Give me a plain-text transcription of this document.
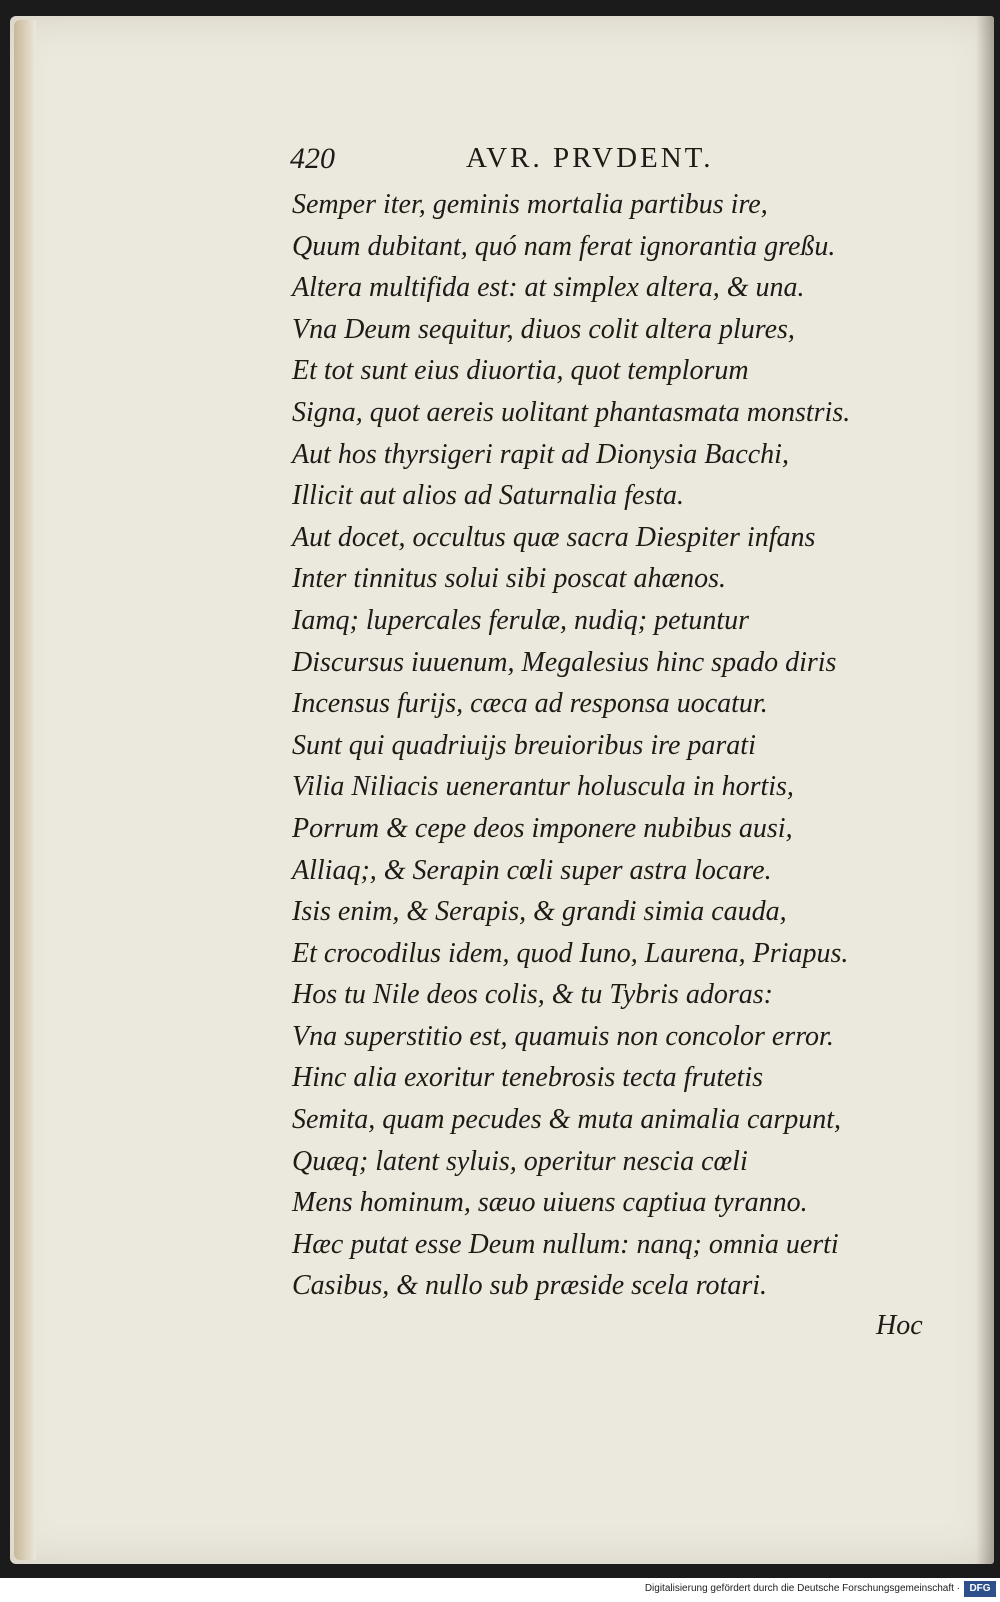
420	AVR. PRVDENT.
Semper iter, geminis mortalia partibus ire,
Quum dubitant, quó nam ferat ignorantia greßu.
Altera multifida est: at simplex altera, & una.
Vna Deum sequitur, diuos colit altera plures,
Et tot sunt eius diuortia, quot templorum
Signa, quot aereis uolitant phantasmata monstris.
Aut hos thyrsigeri rapit ad Dionysia Bacchi,
Illicit aut alios ad Saturnalia festa.
Aut docet, occultus quæ sacra Diespiter infans
Inter tinnitus solui sibi poscat ahænos.
Iamq; lupercales ferulæ, nudiq; petuntur
Discursus iuuenum, Megalesius hinc spado diris
Incensus furijs, cæca ad responsa uocatur.
Sunt qui quadriuijs breuioribus ire parati
Vilia Niliacis uenerantur holuscula in hortis,
Porrum & cepe deos imponere nubibus ausi,
Alliaq;, & Serapin cœli super astra locare.
Isis enim, & Serapis, & grandi simia cauda,
Et crocodilus idem, quod Iuno, Laurena, Priapus.
Hos tu Nile deos colis, & tu Tybris adoras:
Vna superstitio est, quamuis non concolor error.
Hinc alia exoritur tenebrosis tecta frutetis
Semita, quam pecudes & muta animalia carpunt,
Quæq; latent syluis, operitur nescia cœli
Mens hominum, sæuo uiuens captiua tyranno.
Hæc putat esse Deum nullum: nanq; omnia uerti
Casibus, & nullo sub præside scela rotari.
Hoc
Digitalisierung gefördert durch die Deutsche Forschungsgemeinschaft · DFG
